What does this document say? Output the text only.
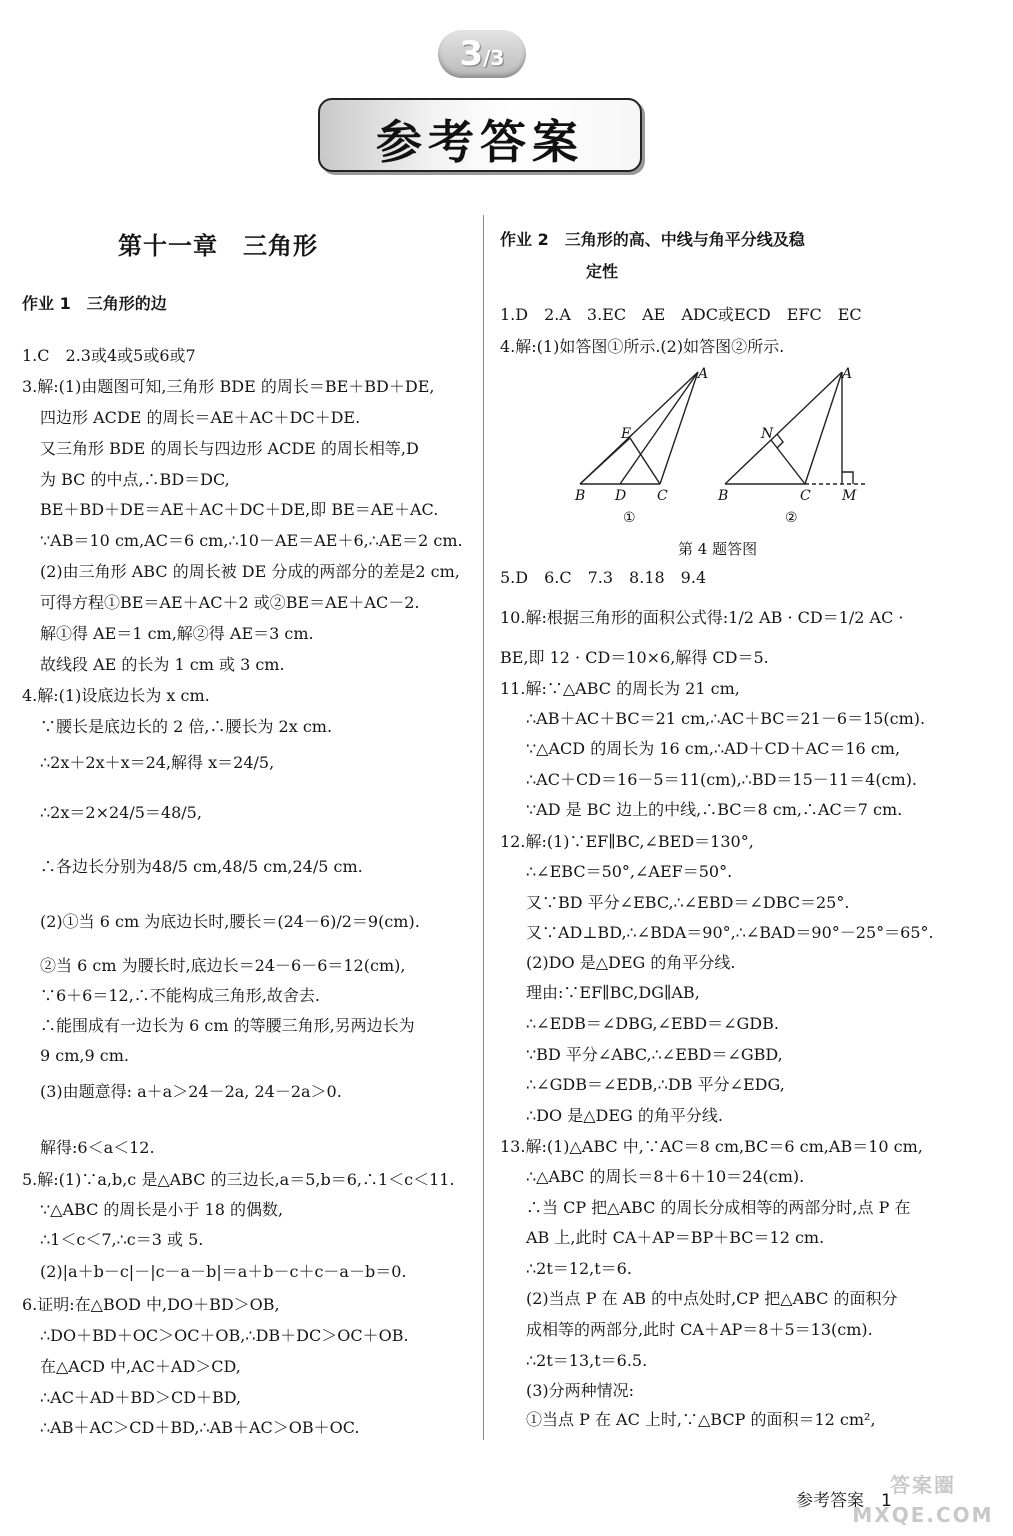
3/3
参考答案
第十一章　三角形
作业 1　三角形的边
1.C　2.3或4或5或6或7
3.解:(1)由题图可知,三角形 BDE 的周长＝BE＋BD＋DE,
四边形 ACDE 的周长＝AE＋AC＋DC＋DE.
又三角形 BDE 的周长与四边形 ACDE 的周长相等,D
为 BC 的中点,∴BD＝DC,
BE＋BD＋DE＝AE＋AC＋DC＋DE,即 BE＝AE＋AC.
∵AB＝10 cm,AC＝6 cm,∴10－AE＝AE＋6,∴AE＝2 cm.
(2)由三角形 ABC 的周长被 DE 分成的两部分的差是2 cm,
可得方程①BE＝AE＋AC＋2 或②BE＝AE＋AC－2.
解①得 AE＝1 cm,解②得 AE＝3 cm.
故线段 AE 的长为 1 cm 或 3 cm.
4.解:(1)设底边长为 x cm.
∵腰长是底边长的 2 倍,∴腰长为 2x cm.
∴2x＋2x＋x＝24,解得 x＝24/5,
∴2x＝2×24/5＝48/5,
∴各边长分别为48/5 cm,48/5 cm,24/5 cm.
(2)①当 6 cm 为底边长时,腰长＝(24－6)/2＝9(cm).
②当 6 cm 为腰长时,底边长＝24－6－6＝12(cm),
∵6＋6＝12,∴不能构成三角形,故舍去.
∴能围成有一边长为 6 cm 的等腰三角形,另两边长为
9 cm,9 cm.
(3)由题意得: a＋a＞24－2a, 24－2a＞0.
解得:6＜a＜12.
5.解:(1)∵a,b,c 是△ABC 的三边长,a＝5,b＝6,∴1＜c＜11.
∵△ABC 的周长是小于 18 的偶数,
∴1＜c＜7,∴c＝3 或 5.
(2)|a＋b－c|－|c－a－b|＝a＋b－c＋c－a－b＝0.
6.证明:在△BOD 中,DO＋BD＞OB,
∴DO＋BD＋OC＞OC＋OB,∴DB＋DC＞OC＋OB.
在△ACD 中,AC＋AD＞CD,
∴AC＋AD＋BD＞CD＋BD,
∴AB＋AC＞CD＋BD,∴AB＋AC＞OB＋OC.
作业 2　三角形的高、中线与角平分线及稳
定性
1.D　2.A　3.EC　AE　ADC或ECD　EFC　EC
4.解:(1)如答图①所示.(2)如答图②所示.
A
E
B D C
①
A
N
B	C M
②
第 4 题答图
5.D　6.C　7.3　8.18　9.4
10.解:根据三角形的面积公式得:1/2 AB · CD＝1/2 AC ·
BE,即 12 · CD＝10×6,解得 CD＝5.
11.解:∵△ABC 的周长为 21 cm,
∴AB＋AC＋BC＝21 cm,∴AC＋BC＝21－6＝15(cm).
∵△ACD 的周长为 16 cm,∴AD＋CD＋AC＝16 cm,
∴AC＋CD＝16－5＝11(cm),∴BD＝15－11＝4(cm).
∵AD 是 BC 边上的中线,∴BC＝8 cm,∴AC＝7 cm.
12.解:(1)∵EF∥BC,∠BED＝130°,
∴∠EBC＝50°,∠AEF＝50°.
又∵BD 平分∠EBC,∴∠EBD＝∠DBC＝25°.
又∵AD⊥BD,∴∠BDA＝90°,∴∠BAD＝90°－25°＝65°.
(2)DO 是△DEG 的角平分线.
理由:∵EF∥BC,DG∥AB,
∴∠EDB＝∠DBG,∠EBD＝∠GDB.
∵BD 平分∠ABC,∴∠EBD＝∠GBD,
∴∠GDB＝∠EDB,∴DB 平分∠EDG,
∴DO 是△DEG 的角平分线.
13.解:(1)△ABC 中,∵AC＝8 cm,BC＝6 cm,AB＝10 cm,
∴△ABC 的周长＝8＋6＋10＝24(cm).
∴当 CP 把△ABC 的周长分成相等的两部分时,点 P 在
AB 上,此时 CA＋AP＝BP＋BC＝12 cm.
∴2t＝12,t＝6.
(2)当点 P 在 AB 的中点处时,CP 把△ABC 的面积分
成相等的两部分,此时 CA＋AP＝8＋5＝13(cm).
∴2t＝13,t＝6.5.
(3)分两种情况:
①当点 P 在 AC 上时,∵△BCP 的面积＝12 cm²,
参考答案　1
答案圈
MXQE.COM
